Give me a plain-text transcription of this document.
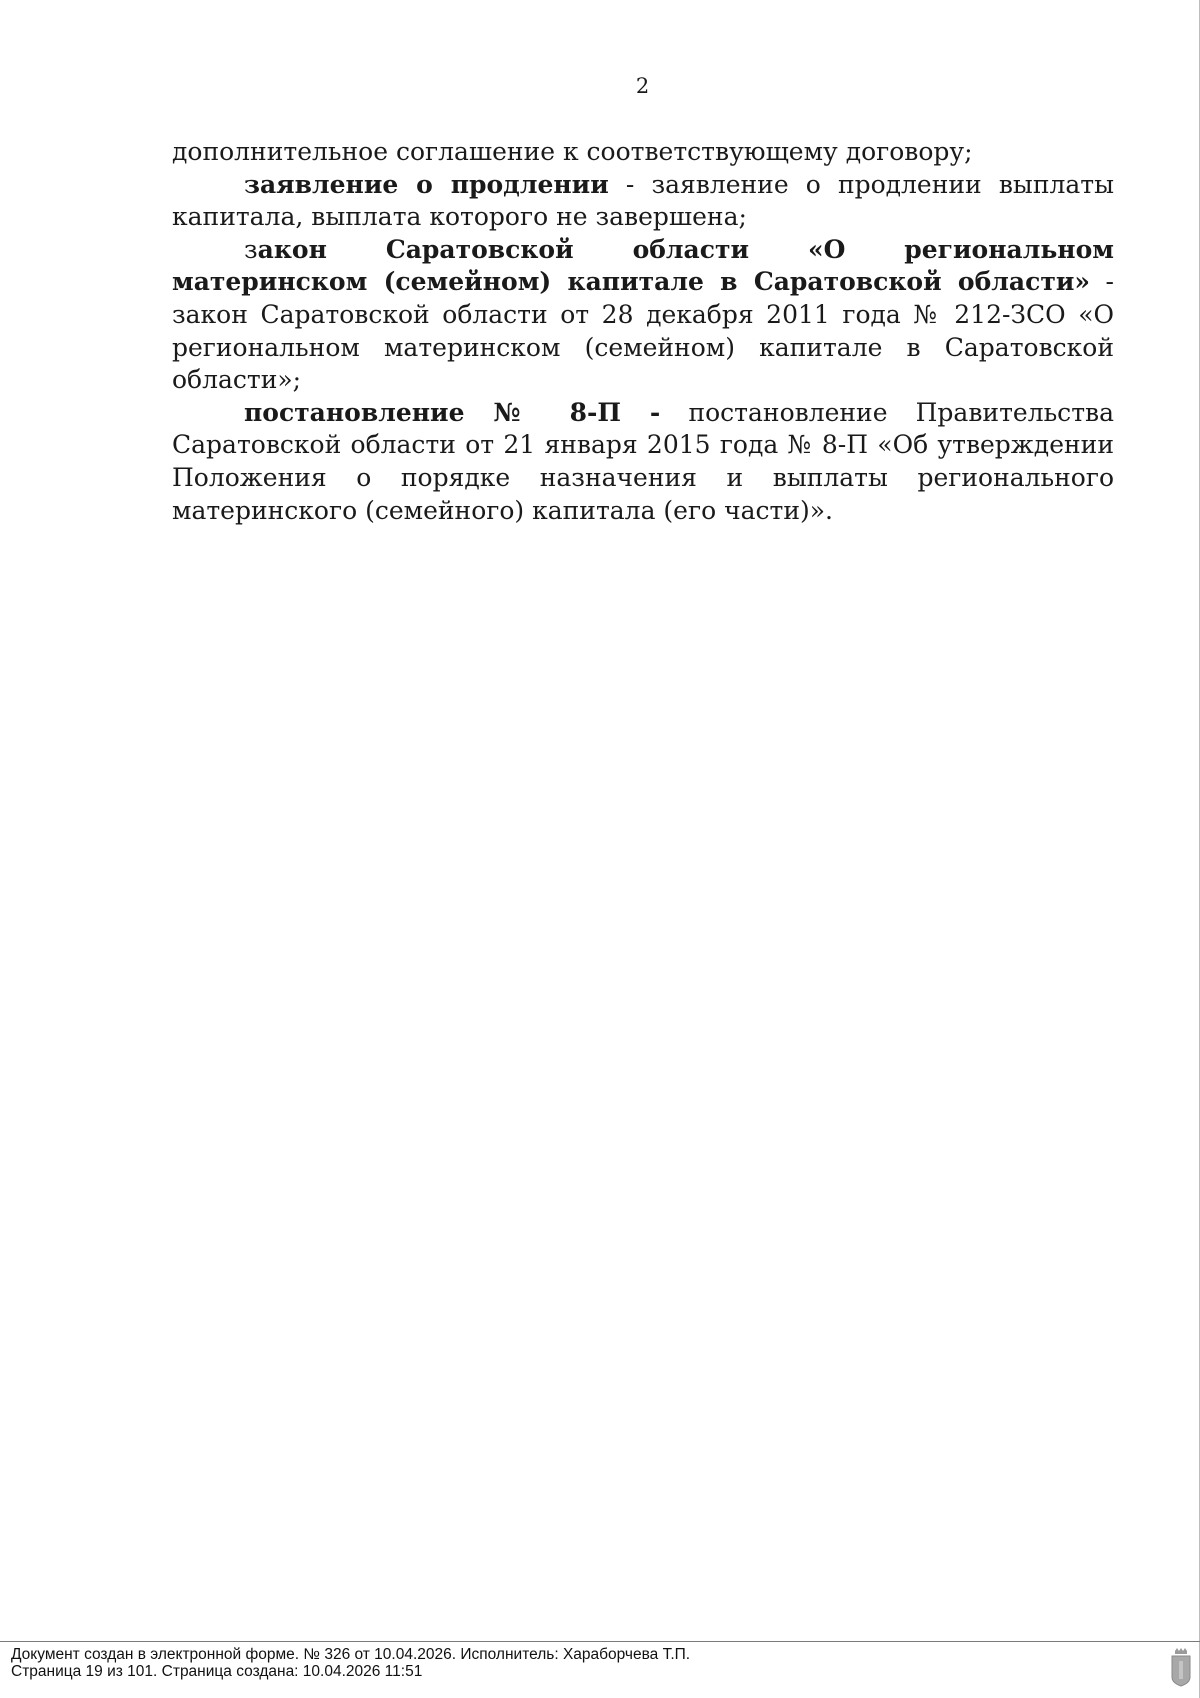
2

дополнительное соглашение к соответствующему договору;

заявление о продлении - заявление о продлении выплаты капитала, выплата которого не завершена;

закон Саратовской области «О региональном материнском (семейном) капитале в Саратовской области» - закон Саратовской области от 28 декабря 2011 года № 212-ЗСО «О региональном материнском (семейном) капитале в Саратовской области»;

постановление № 8-П - постановление Правительства Саратовской области от 21 января 2015 года № 8-П «Об утверждении Положения о порядке назначения и выплаты регионального материнского (семейного) капитала (его части)».

Документ создан в электронной форме. № 326 от 10.04.2026. Исполнитель: Хараборчева Т.П.
Страница 19 из 101. Страница создана: 10.04.2026 11:51
